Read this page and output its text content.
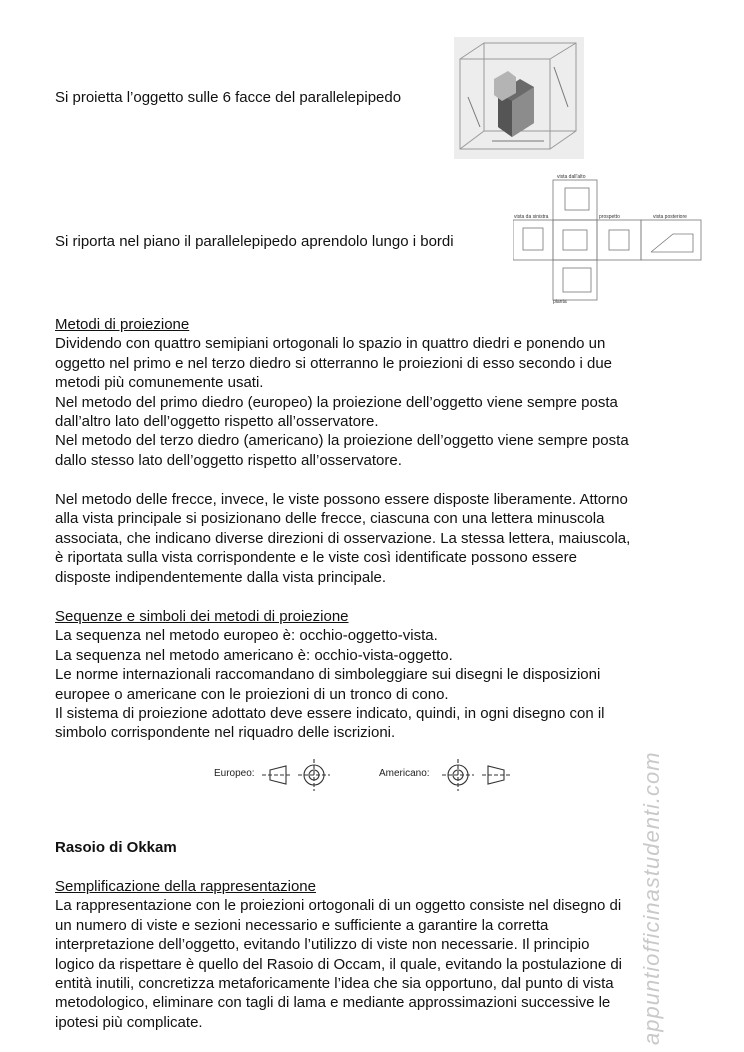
Si proietta l’oggetto sulle 6 facce del parallelepipedo
Si riporta nel piano il parallelepipedo aprendolo lungo i bordi
vista dall'alto
vista da sinistra	prospetto	vista posteriore
pianta
Metodi di proiezione
Dividendo con quattro semipiani ortogonali lo spazio in quattro diedri e ponendo un
oggetto nel primo e nel terzo diedro si otterranno le proiezioni di esso secondo i due
metodi più comunemente usati.
Nel metodo del primo diedro (europeo) la proiezione dell’oggetto viene sempre posta
dall’altro lato dell’oggetto rispetto all’osservatore.
Nel metodo del terzo diedro (americano) la proiezione dell’oggetto viene sempre posta
dallo stesso lato dell’oggetto rispetto all’osservatore.
Nel metodo delle frecce, invece, le viste possono essere disposte liberamente. Attorno
alla vista principale si posizionano delle frecce, ciascuna con una lettera minuscola
associata, che indicano diverse direzioni di osservazione. La stessa lettera, maiuscola,
è riportata sulla vista corrispondente e le viste così identificate possono essere
disposte indipendentemente dalla vista principale.
Sequenze e simboli dei metodi di proiezione
La sequenza nel metodo europeo è: occhio-oggetto-vista.
La sequenza nel metodo americano è: occhio-vista-oggetto.
Le norme internazionali raccomandano di simboleggiare sui disegni le disposizioni
europee o americane con le proiezioni di un tronco di cono.
Il sistema di proiezione adottato deve essere indicato, quindi, in ogni disegno con il
simbolo corrispondente nel riquadro delle iscrizioni.
Europeo:	Americano:
Rasoio di Okkam
Semplificazione della rappresentazione
La rappresentazione con le proiezioni ortogonali di un oggetto consiste nel disegno di
un numero di viste e sezioni necessario e sufficiente a garantire la corretta
interpretazione dell’oggetto, evitando l’utilizzo di viste non necessarie. Il principio
logico da rispettare è quello del Rasoio di Occam, il quale, evitando la postulazione di
entità inutili, concretizza metaforicamente l’idea che sia opportuno, dal punto di vista
metodologico, eliminare con tagli di lama e mediante approssimazioni successive le
ipotesi più complicate.	appuntiofficinastudenti.com
